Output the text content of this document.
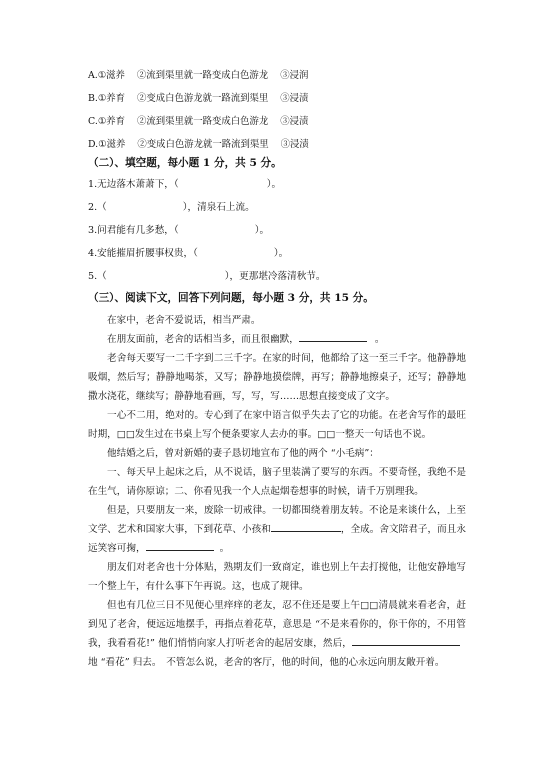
A.①滋养 ②流到渠里就一路变成白色游龙 ③浸润
B.①养育 ②变成白色游龙就一路流到渠里 ③浸渍
C.①养育 ②流到渠里就一路变成白色游龙 ③浸渍
D.①滋养 ②变成白色游龙就一路流到渠里 ③浸渍
（二）、填空题，每小题 1 分，共 5 分。
1.无边落木萧萧下，（	）。
2.（	），清泉石上流。
3.问君能有几多愁，（	）。
4.安能摧眉折腰事权贵，（	）。
5.（	），更那堪冷落清秋节。
（三）、阅读下文，回答下列问题，每小题 3 分，共 15 分。
在家中，老舍不爱说话，相当严肃。
在朋友面前，老舍的话相当多，而且很幽默，	。
老舍每天要写一二千字到二三千字。在家的时间，他都给了这一至三千字。他静静地吸烟，然后写；静静地喝茶，又写；静静地摸偿牌，再写；静静地擦桌子，还写；静静地撒水浇花，继续写；静静地看画，写，写，写……思想直接变成了文字。
一心不二用，绝对的。专心到了在家中语言似乎失去了它的功能。在老舍写作的最旺时期，□□发生过在书桌上写个便条要家人去办的事。□□一整天一句话也不说。
他结婚之后，曾对新婚的妻子恳切地宣布了他的两个 “小毛病”：
一、每天早上起床之后，从不说话，脑子里装满了要写的东西。不要奇怪，我绝不是在生气，请你原谅；二、你看见我一个人点起烟卷想事的时候，请千万别理我。
但是，只要朋友一来，废除一切戒律。一切都围绕着朋友转。不论是来谈什么，上至文学、艺术和国家大事，下到花草、小孩和	，全成。舍文陪君子，而且永远笑容可掬，	。
朋友们对老舍也十分体贴，熟期友们一致商定，谁也别上午去打搅他，让他安静地写一个整上午，有什么事下午再说。这，也成了规律。
但也有几位三日不见便心里痒痒的老友，忍不住还是要上午□□清晨就来看老舍，赶到见了老舍，便远远地摆手，再指点着花草，意思是 “不是来看你的，你干你的，不用管我，我看看花!” 他们悄悄向家人打听老舍的起居安康，然后，地 “看花” 归去。　不管怎么说，老舍的客厅，他的时间，他的心永远向朋友敞开着。
